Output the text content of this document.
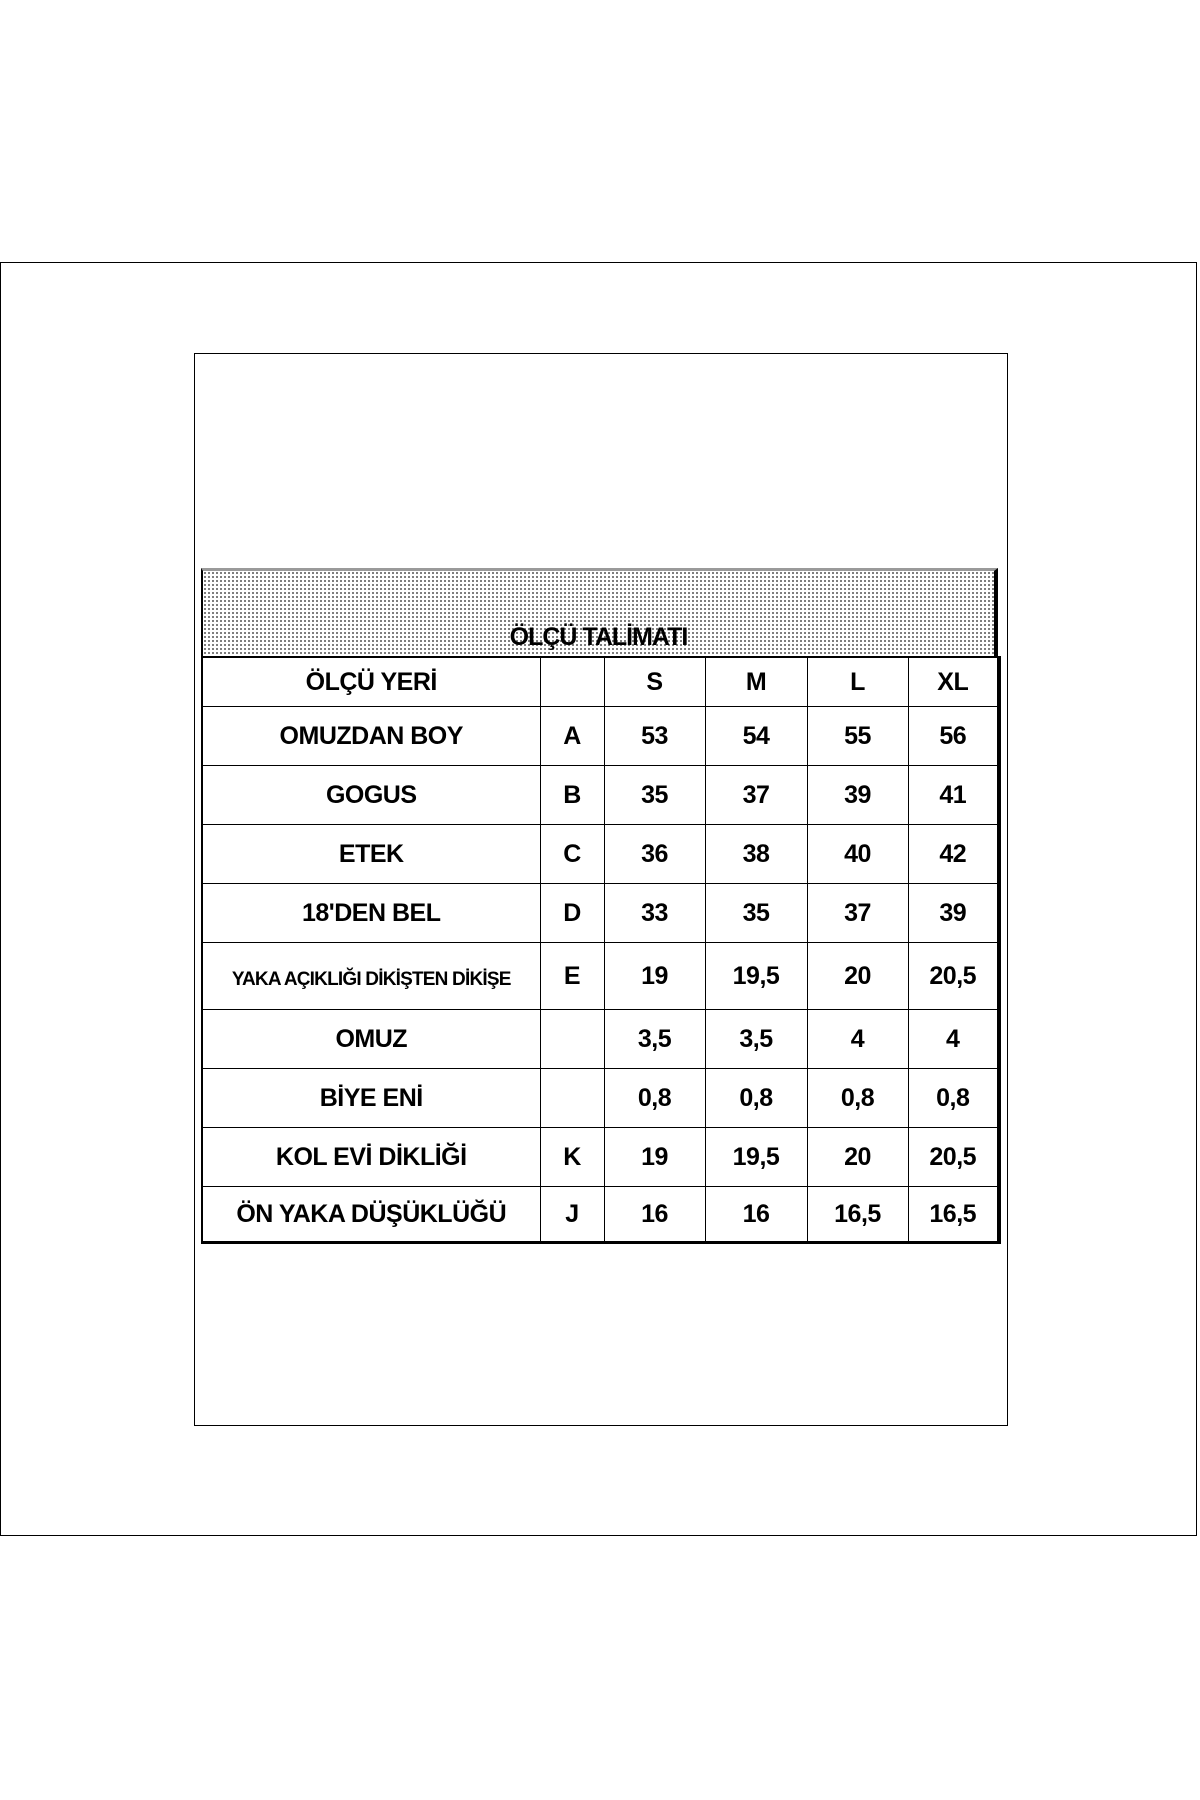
ÖLÇÜ TALİMATI
ÖLÇÜ YERİ		S	M	L	XL
OMUZDAN BOY	A	53	54	55	56
GOGUS	B	35	37	39	41
ETEK	C	36	38	40	42
18'DEN BEL	D	33	35	37	39
YAKA AÇIKLIĞI DİKİŞTEN DİKİŞE	E	19	19,5	20	20,5
OMUZ		3,5	3,5	4	4
BİYE ENİ		0,8	0,8	0,8	0,8
KOL EVİ DİKLİĞİ	K	19	19,5	20	20,5
ÖN YAKA DÜŞÜKLÜĞÜ	J	16	16	16,5	16,5
